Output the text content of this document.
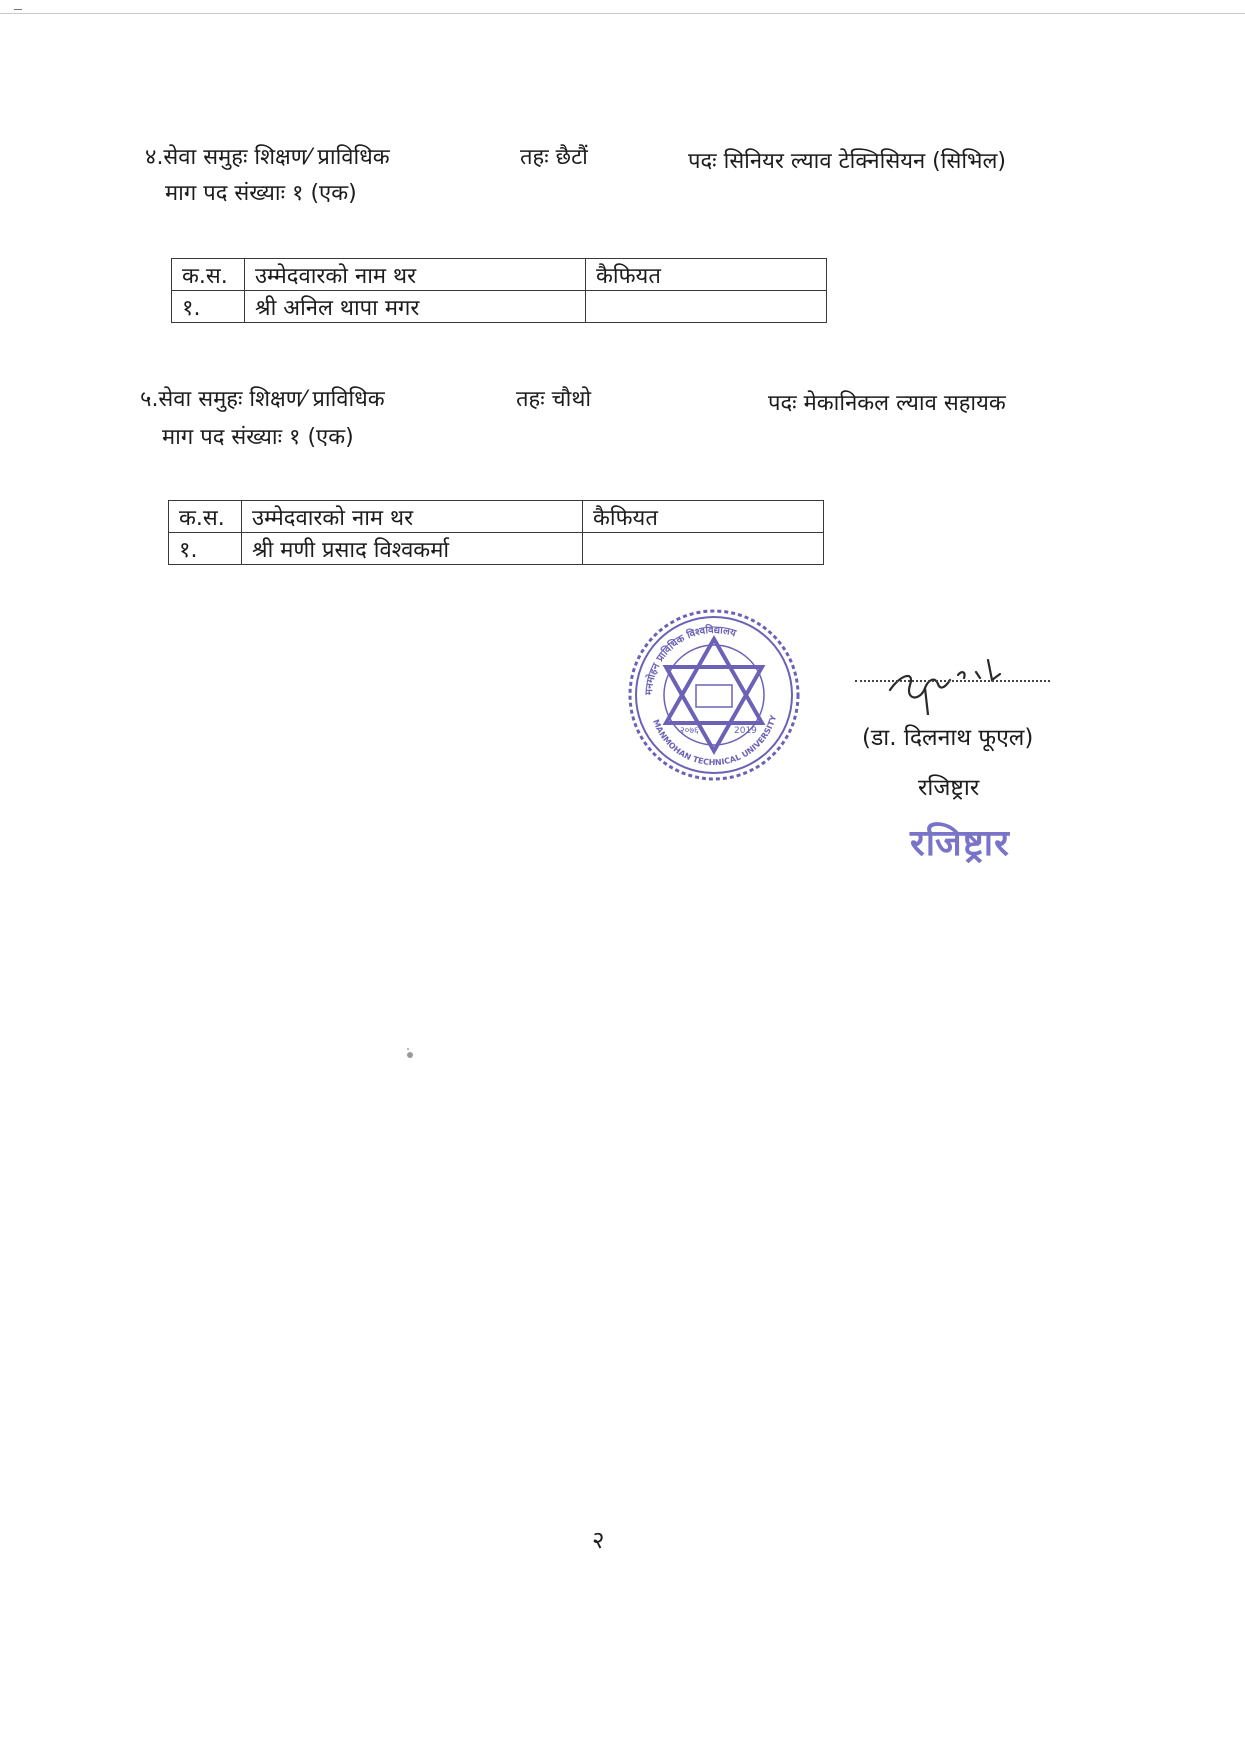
४.सेवा समुहः शिक्षण⁄ प्राविधिक	तहः छैटौं	पदः सिनियर ल्याव टेक्निसियन (सिभिल)
माग पद संख्याः १ (एक)
क.स.	उम्मेदवारको नाम थर	कैफियत
१.	श्री अनिल थापा मगर	
५.सेवा समुहः शिक्षण⁄ प्राविधिक	तहः चौथो	पदः मेकानिकल ल्याव सहायक
माग पद संख्याः १ (एक)
क.स.	उम्मेदवारको नाम थर	कैफियत
१.	श्री मणी प्रसाद विश्वकर्मा	
मनमोहन प्राविधिक विश्वविद्यालय
MANMOHAN TECHNICAL UNIVERSITY
२०७६	2019	(डा. दिलनाथ फूएल)
रजिष्ट्रार
रजिष्ट्रार
२
